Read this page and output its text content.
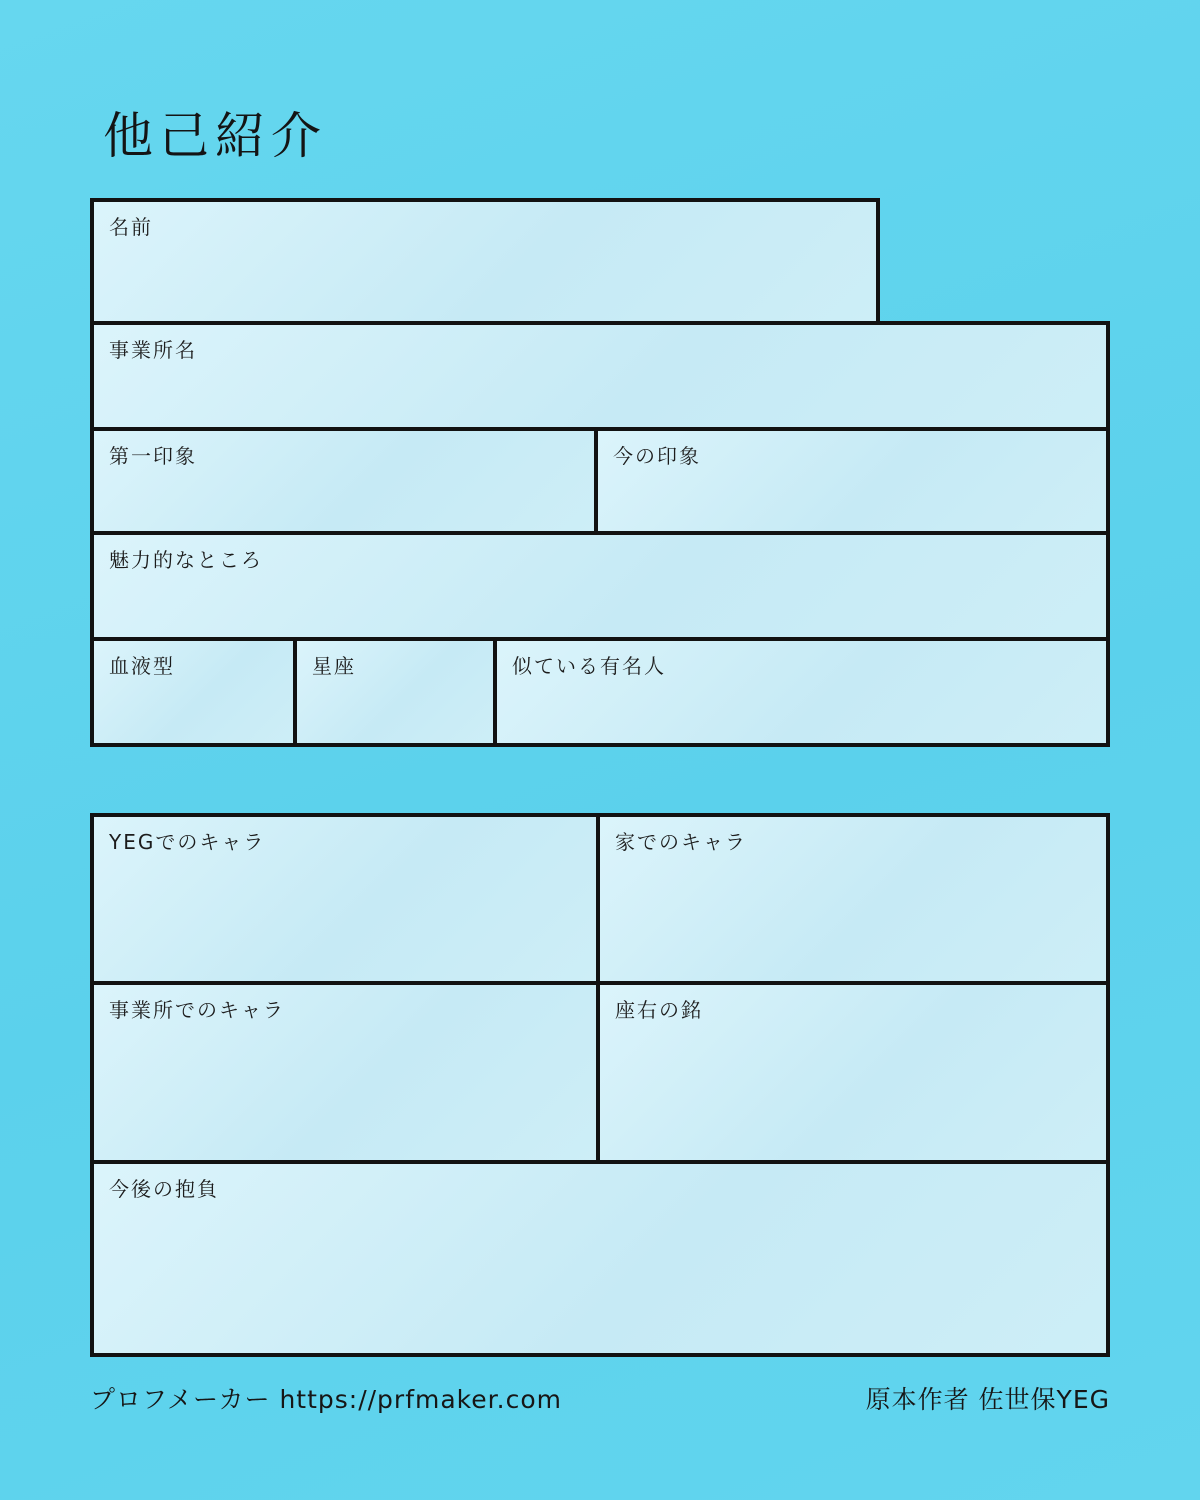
他己紹介
名前
事業所名
第一印象	今の印象
魅力的なところ
血液型	星座	似ている有名人
YEGでのキャラ	家でのキャラ
事業所でのキャラ	座右の銘
今後の抱負
プロフメーカー https://prfmaker.com	原本作者 佐世保YEG
